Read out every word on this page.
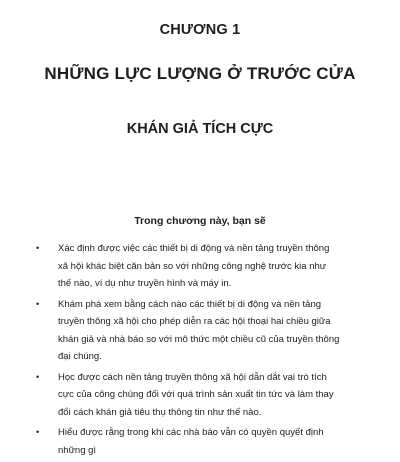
CHƯƠNG 1
NHỮNG LỰC LƯỢNG Ở TRƯỚC CỬA
KHÁN GIẢ TÍCH CỰC
Trong chương này, bạn sẽ
• Xác định được việc các thiết bị di động và nền tảng truyền thông xã hội khác biệt căn bản so với những công nghệ trước kia như thế nào, ví dụ như truyền hình và máy in.
• Khám phá xem bằng cách nào các thiết bị di động và nền tảng truyền thông xã hội cho phép diễn ra các hội thoại hai chiều giữa khán giả và nhà báo so với mô thức một chiều cũ của truyền thông đại chúng.
• Học được cách nền tảng truyền thông xã hội dẫn dắt vai trò tích cực của công chúng đối với quá trình sản xuất tin tức và làm thay đổi cách khán giả tiêu thụ thông tin như thế nào.
• Hiểu được rằng trong khi các nhà báo vẫn có quyền quyết định những gì
